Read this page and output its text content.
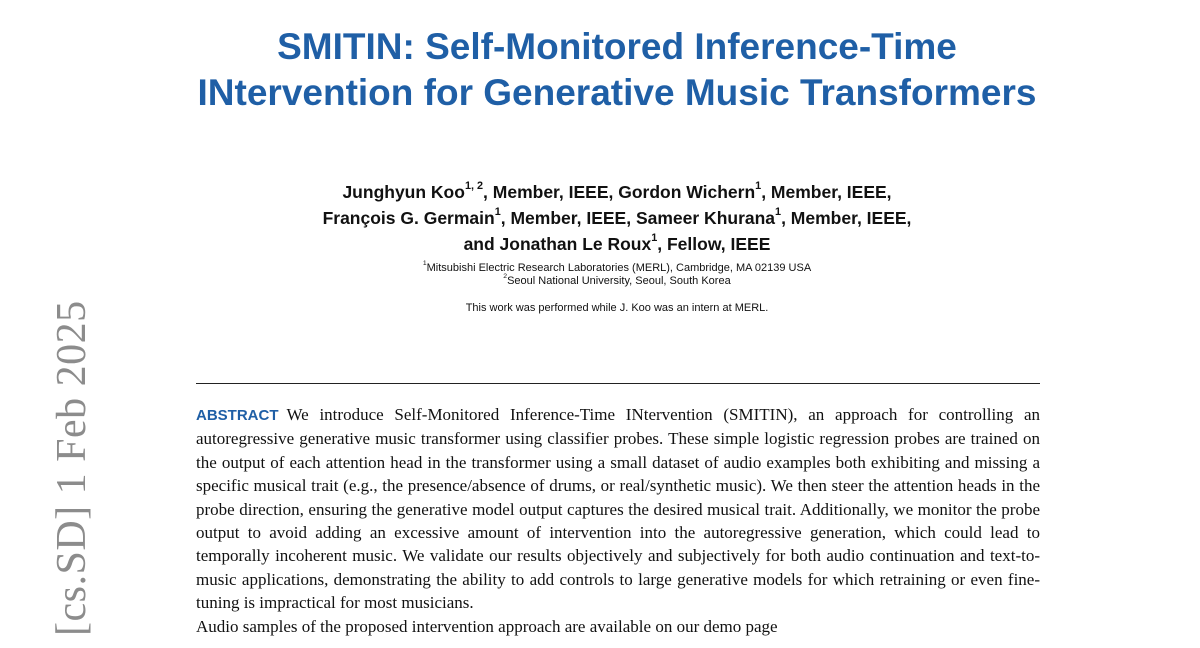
[cs.SD] 1 Feb 2025
SMITIN: Self-Monitored Inference-Time INtervention for Generative Music Transformers
Junghyun Koo$^{1, 2}$, Member, IEEE, Gordon Wichern$^1$, Member, IEEE,
François G. Germain$^1$, Member, IEEE, Sameer Khurana$^1$, Member, IEEE,
and Jonathan Le Roux$^1$, Fellow, IEEE
$^1$Mitsubishi Electric Research Laboratories (MERL), Cambridge, MA 02139 USA
$^2$Seoul National University, Seoul, South Korea
This work was performed while J. Koo was an intern at MERL.

ABSTRACT We introduce Self-Monitored Inference-Time INtervention (SMITIN), an approach for controlling an autoregressive generative music transformer using classifier probes. These simple logistic regression probes are trained on the output of each attention head in the transformer using a small dataset of audio examples both exhibiting and missing a specific musical trait (e.g., the presence/absence of drums, or real/synthetic music). We then steer the attention heads in the probe direction, ensuring the generative model output captures the desired musical trait. Additionally, we monitor the probe output to avoid adding an excessive amount of intervention into the autoregressive generation, which could lead to temporally incoherent music. We validate our results objectively and subjectively for both audio continuation and text-to-music applications, demonstrating the ability to add controls to large generative models for which retraining or even fine-tuning is impractical for most musicians.

Audio samples of the proposed intervention approach are available on our demo page
